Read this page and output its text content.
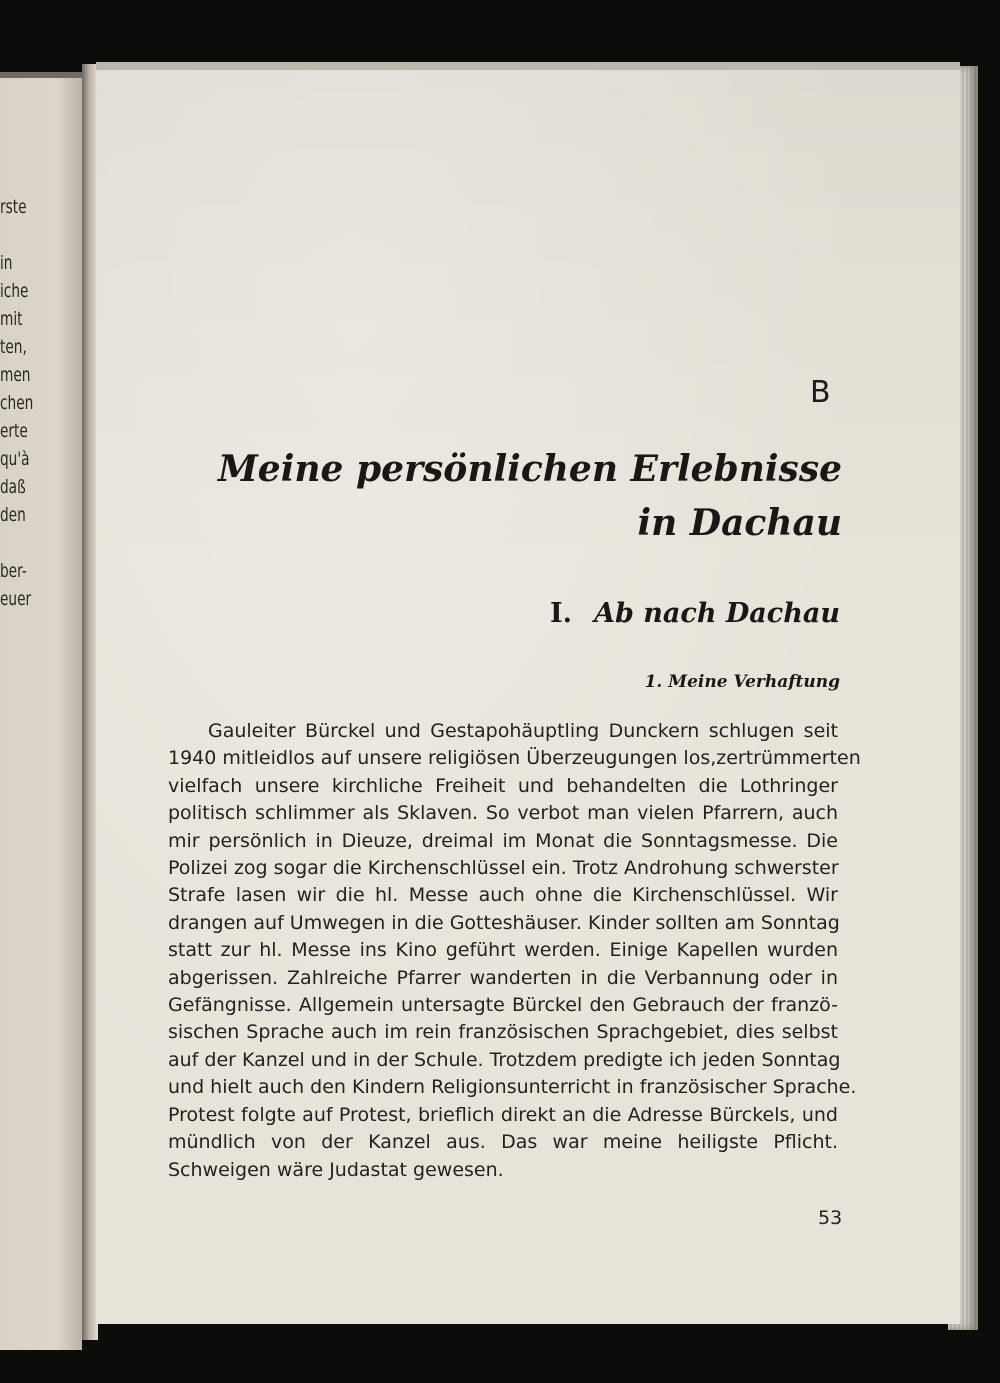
rste
in
iche
mit
ten,
men
chen
erte
qu'à
daß
den
ber-
euer

B

Meine persönlichen Erlebnisse
in Dachau
I. Ab nach Dachau
1. Meine Verhaftung
Gauleiter Bürckel und Gestapohäuptling Dunckern schlugen seit
1940 mitleidlos auf unsere religiösen Überzeugungen los,zertrümmerten
vielfach unsere kirchliche Freiheit und behandelten die Lothringer
politisch schlimmer als Sklaven. So verbot man vielen Pfarrern, auch
mir persönlich in Dieuze, dreimal im Monat die Sonntagsmesse. Die
Polizei zog sogar die Kirchenschlüssel ein. Trotz Androhung schwerster
Strafe lasen wir die hl. Messe auch ohne die Kirchenschlüssel. Wir
drangen auf Umwegen in die Gotteshäuser. Kinder sollten am Sonntag
statt zur hl. Messe ins Kino geführt werden. Einige Kapellen wurden
abgerissen. Zahlreiche Pfarrer wanderten in die Verbannung oder in
Gefängnisse. Allgemein untersagte Bürckel den Gebrauch der franzö-
sischen Sprache auch im rein französischen Sprachgebiet, dies selbst
auf der Kanzel und in der Schule. Trotzdem predigte ich jeden Sonntag
und hielt auch den Kindern Religionsunterricht in französischer Sprache.
Protest folgte auf Protest, brieflich direkt an die Adresse Bürckels, und
mündlich von der Kanzel aus. Das war meine heiligste Pflicht.
Schweigen wäre Judastat gewesen.

53
